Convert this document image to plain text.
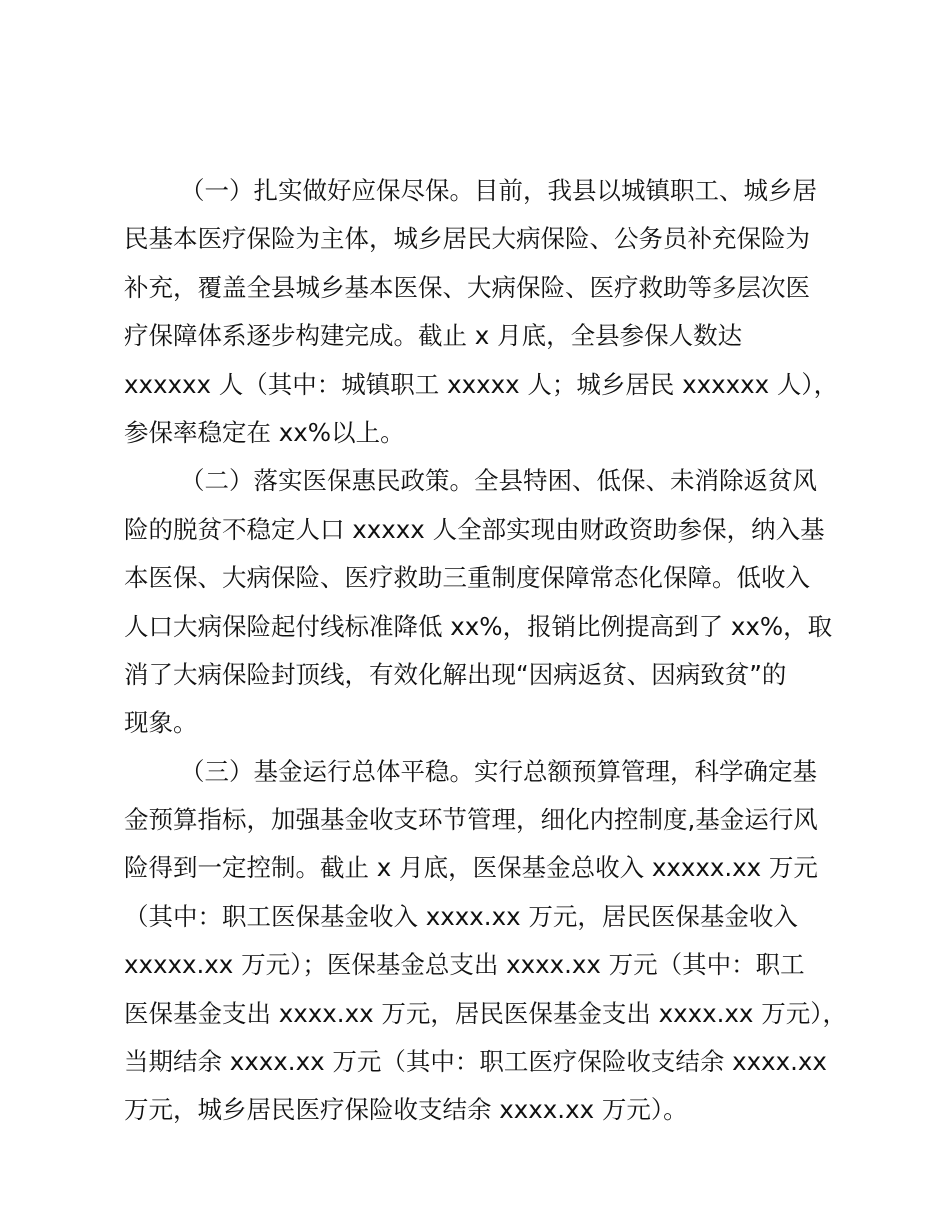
（一）扎实做好应保尽保。目前，我县以城镇职工、城乡居
民基本医疗保险为主体，城乡居民大病保险、公务员补充保险为
补充，覆盖全县城乡基本医保、大病保险、医疗救助等多层次医
疗保障体系逐步构建完成。截止 x 月底，全县参保人数达
xxxxxx 人（其中：城镇职工 xxxxx 人；城乡居民 xxxxxx 人），
参保率稳定在 xx%以上。
（二）落实医保惠民政策。全县特困、低保、未消除返贫风
险的脱贫不稳定人口 xxxxx 人全部实现由财政资助参保，纳入基
本医保、大病保险、医疗救助三重制度保障常态化保障。低收入
人口大病保险起付线标准降低 xx%，报销比例提高到了 xx%，取
消了大病保险封顶线，有效化解出现“因病返贫、因病致贫”的
现象。
（三）基金运行总体平稳。实行总额预算管理，科学确定基
金预算指标，加强基金收支环节管理，细化内控制度,基金运行风
险得到一定控制。截止 x 月底，医保基金总收入 xxxxx.xx 万元
（其中：职工医保基金收入 xxxx.xx 万元，居民医保基金收入
xxxxx.xx 万元）；医保基金总支出 xxxx.xx 万元（其中：职工
医保基金支出 xxxx.xx 万元，居民医保基金支出 xxxx.xx 万元），
当期结余 xxxx.xx 万元（其中：职工医疗保险收支结余 xxxx.xx
万元，城乡居民医疗保险收支结余 xxxx.xx 万元）。
